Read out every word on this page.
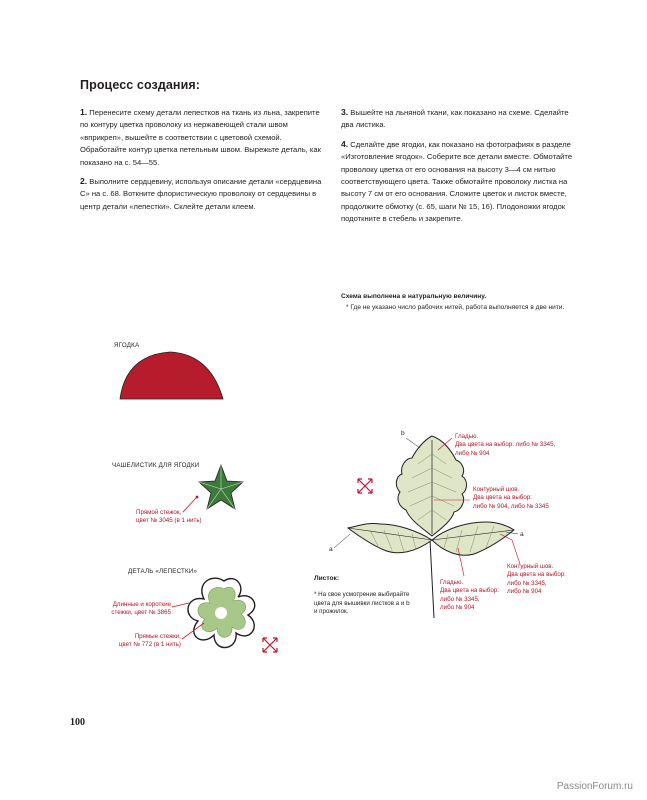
Процесс создания:

1. Перенесите схему детали лепестков на ткань из льна, закрепите по контуру цветка проволоку из нержавеющей стали швом «вприкреп», вышейте в соответствии с цветовой схемой. Обработайте контур цветка петельным швом. Вырежьте деталь, как показано на с. 54—55.

2. Выполните сердцевину, используя описание детали «сердцевина С» на с. 68. Воткните флористическую проволоку от сердцевины в центр детали «лепестки». Склейте детали клеем.

3. Вышейте на льняной ткани, как показано на схеме. Сделайте два листика.

4. Сделайте две ягодки, как показано на фотографиях в разделе «Изготовление ягодок». Соберите все детали вместе. Обмотайте проволоку цветка от его основания на высоту 3—4 см нитью соответствующего цвета. Также обмотайте проволоку листка на высоту 7 см от его основания. Сложите цветок и листок вместе, продолжите обмотку (с. 65, шаги № 15, 16). Плодоножки ягодок подоткните в стебель и закрепите.

Схема выполнена в натуральную величину.
* Где не указано число рабочих нитей, работа выполняется в две нити.
ЯГОДКА
ЧАШЕЛИСТИК ДЛЯ ЯГОДКИ
Прямой стежок,
цвет № 3045 (в 1 нить)
ДЕТАЛЬ «ЛЕПЕСТКИ»
Длинные и короткие
стежки, цвет № 3865
Прямые стежки,
цвет № 772 (в 1 нить)
b
a
a
Гладью.
Два цвета на выбор: либо № 3345,
либо № 904
Контурный шов.
Два цвета на выбор:
либо № 904, либо № 3345
Контурный шов.
Два цвета на выбор:
либо № 3345,
либо № 904
Гладью.
Два цвета на выбор:
либо № 3345,
либо № 904
Листок:
* На свое усмотрение выбирайте
цвета для вышивки листков a и b
и прожилок.
100
PassionForum.ru
